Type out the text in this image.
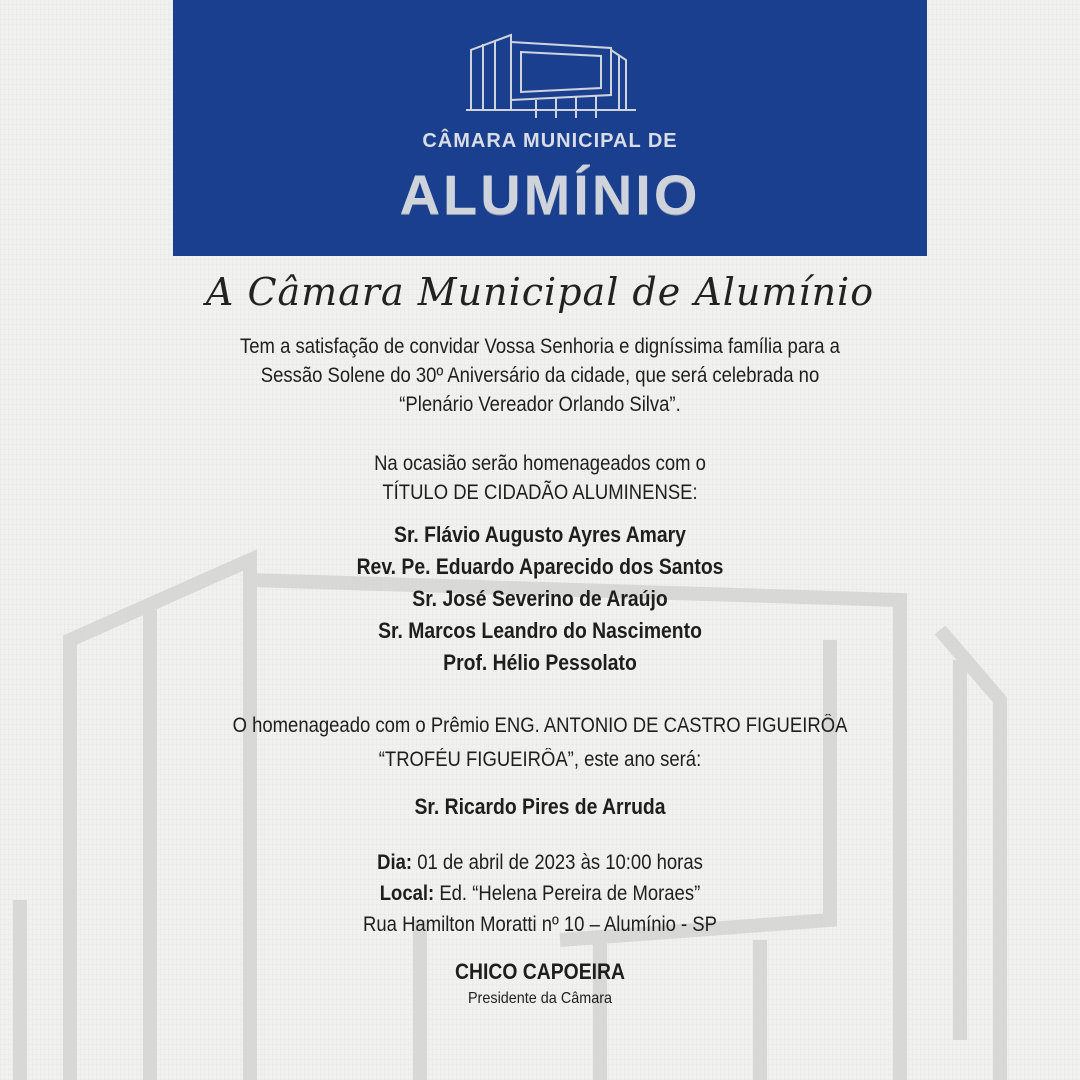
CÂMARA MUNICIPAL DE
ALUMÍNIO
A Câmara Municipal de Alumínio

Tem a satisfação de convidar Vossa Senhoria e digníssima família para a

Sessão Solene do 30º Aniversário da cidade, que será celebrada no

“Plenário Vereador Orlando Silva”.

Na ocasião serão homenageados com o

TÍTULO DE CIDADÃO ALUMINENSE:

Sr. Flávio Augusto Ayres Amary

Rev. Pe. Eduardo Aparecido dos Santos

Sr. José Severino de Araújo

Sr. Marcos Leandro do Nascimento

Prof. Hélio Pessolato

O homenageado com o Prêmio ENG. ANTONIO DE CASTRO FIGUEIRÔA

“TROFÉU FIGUEIRÔA”, este ano será:

Sr. Ricardo Pires de Arruda

Dia: 01 de abril de 2023 às 10:00 horas

Local: Ed. “Helena Pereira de Moraes”

Rua Hamilton Moratti nº 10 – Alumínio - SP

CHICO CAPOEIRA

Presidente da Câmara
